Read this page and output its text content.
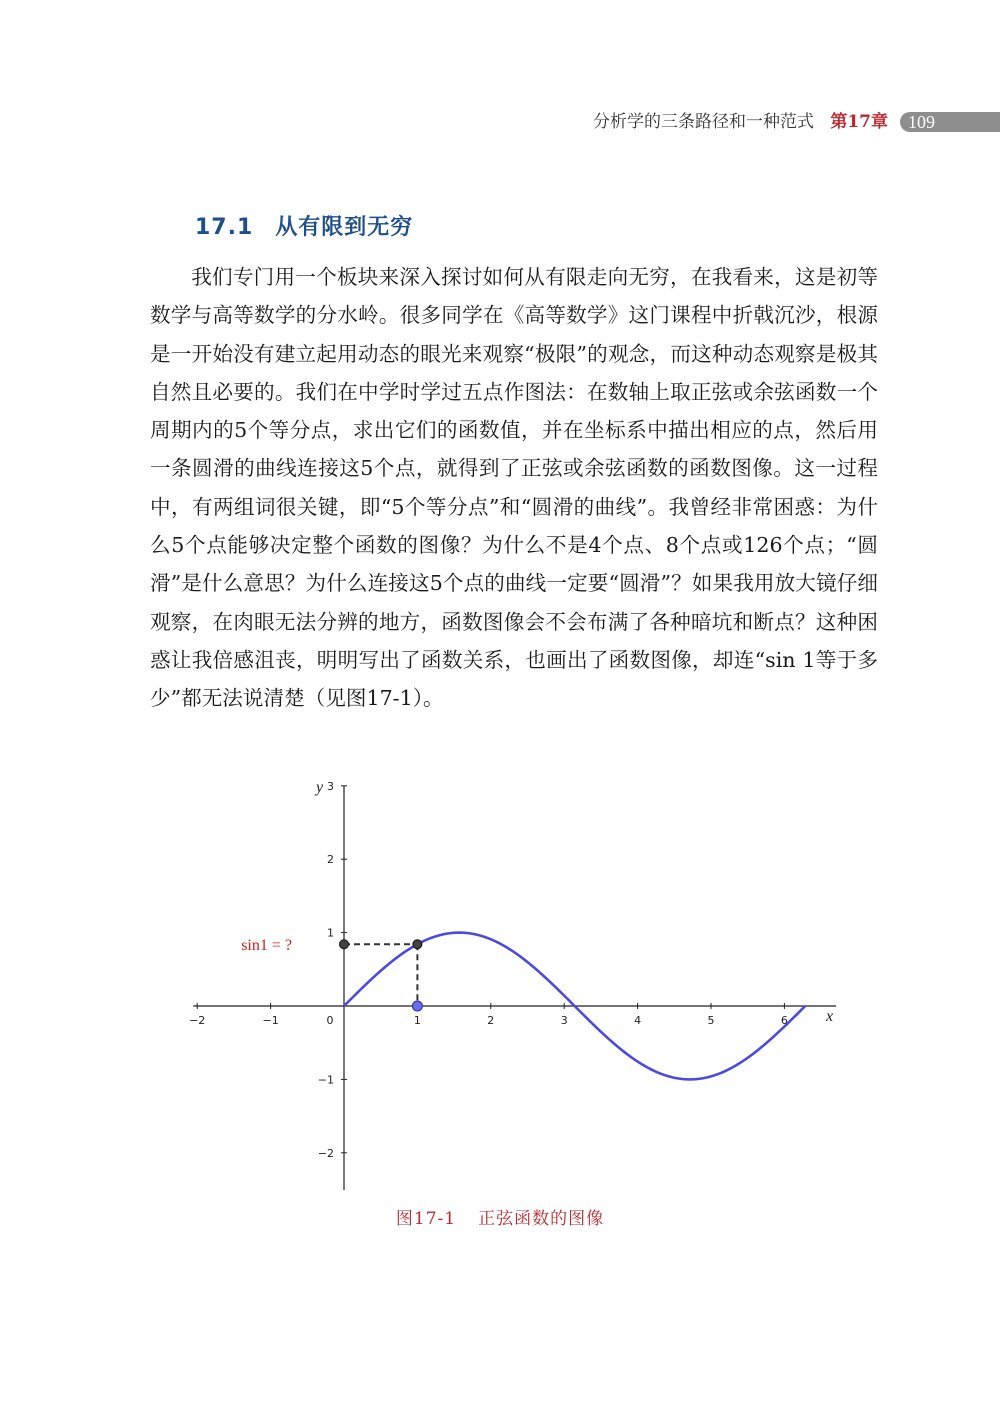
分析学的三条路径和一种范式 第17章 109
17.1 从有限到无穷

我们专门用一个板块来深入探讨如何从有限走向无穷，在我看来，这是初等数学与高等数学的分水岭。很多同学在《高等数学》这门课程中折戟沉沙，根源是一开始没有建立起用动态的眼光来观察“极限”的观念，而这种动态观察是极其自然且必要的。我们在中学时学过五点作图法：在数轴上取正弦或余弦函数一个周期内的5个等分点，求出它们的函数值，并在坐标系中描出相应的点，然后用一条圆滑的曲线连接这5个点，就得到了正弦或余弦函数的函数图像。这一过程中，有两组词很关键，即“5个等分点”和“圆滑的曲线”。我曾经非常困惑：为什么5个点能够决定整个函数的图像？为什么不是4个点、8个点或126个点；“圆滑”是什么意思？为什么连接这5个点的曲线一定要“圆滑”？如果我用放大镜仔细观察，在肉眼无法分辨的地方，函数图像会不会布满了各种暗坑和断点？这种困惑让我倍感沮丧，明明写出了函数关系，也画出了函数图像，却连“sin 1等于多少”都无法说清楚（见图17-1）。

−2	−1	0	1	2	3	4	5	6
−2
−1
1
2
3
y
x
sin1 = ?
图17-1 正弦函数的图像
